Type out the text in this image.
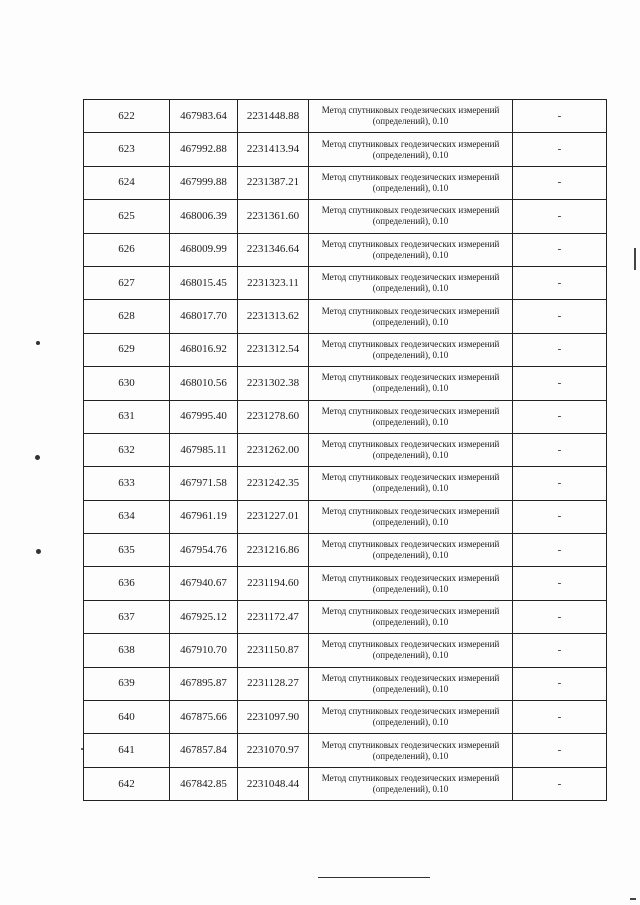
622	467983.64	2231448.88	Метод спутниковых геодезических измерений (определений), 0.10	-
623	467992.88	2231413.94	Метод спутниковых геодезических измерений (определений), 0.10	-
624	467999.88	2231387.21	Метод спутниковых геодезических измерений (определений), 0.10	-
625	468006.39	2231361.60	Метод спутниковых геодезических измерений (определений), 0.10	-
626	468009.99	2231346.64	Метод спутниковых геодезических измерений (определений), 0.10	-
627	468015.45	2231323.11	Метод спутниковых геодезических измерений (определений), 0.10	-
628	468017.70	2231313.62	Метод спутниковых геодезических измерений (определений), 0.10	-
629	468016.92	2231312.54	Метод спутниковых геодезических измерений (определений), 0.10	-
630	468010.56	2231302.38	Метод спутниковых геодезических измерений (определений), 0.10	-
631	467995.40	2231278.60	Метод спутниковых геодезических измерений (определений), 0.10	-
632	467985.11	2231262.00	Метод спутниковых геодезических измерений (определений), 0.10	-
633	467971.58	2231242.35	Метод спутниковых геодезических измерений (определений), 0.10	-
634	467961.19	2231227.01	Метод спутниковых геодезических измерений (определений), 0.10	-
635	467954.76	2231216.86	Метод спутниковых геодезических измерений (определений), 0.10	-
636	467940.67	2231194.60	Метод спутниковых геодезических измерений (определений), 0.10	-
637	467925.12	2231172.47	Метод спутниковых геодезических измерений (определений), 0.10	-
638	467910.70	2231150.87	Метод спутниковых геодезических измерений (определений), 0.10	-
639	467895.87	2231128.27	Метод спутниковых геодезических измерений (определений), 0.10	-
640	467875.66	2231097.90	Метод спутниковых геодезических измерений (определений), 0.10	-
641	467857.84	2231070.97	Метод спутниковых геодезических измерений (определений), 0.10	-
642	467842.85	2231048.44	Метод спутниковых геодезических измерений (определений), 0.10	-
